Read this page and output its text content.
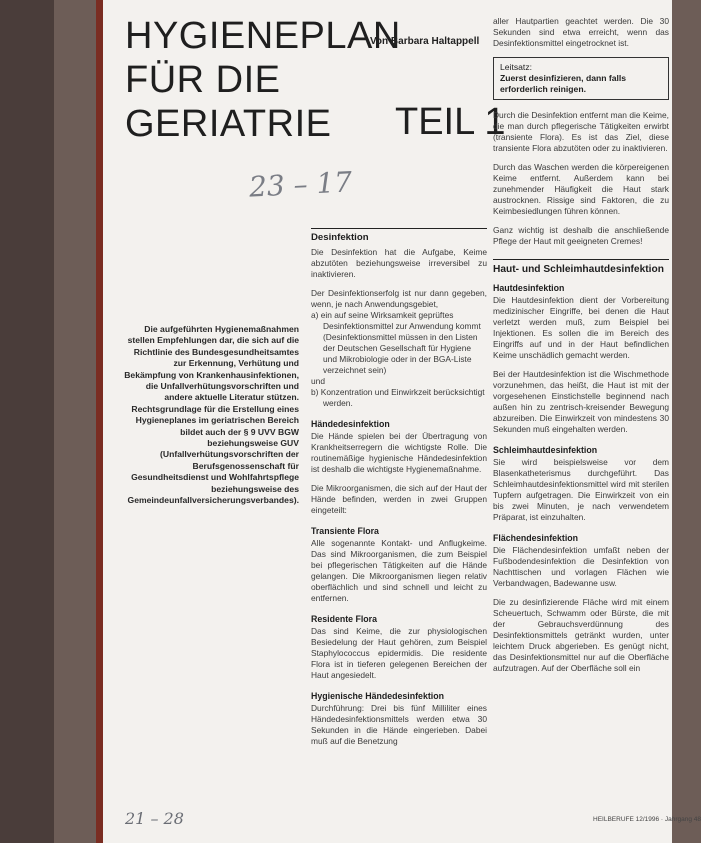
HYGIENEPLAN
FÜR DIE
GERIATRIE
Von Barbara Haltappell
TEIL 1
23 – 17
21 – 28

Die aufgeführten Hygienemaßnahmen stellen Empfehlungen dar, die sich auf die Richtlinie des Bundesgesundheitsamtes zur Erkennung, Verhütung und Bekämpfung von Krankenhausinfektionen, die Unfallverhütungsvorschriften und andere aktuelle Literatur stützen. Rechtsgrundlage für die Erstellung eines Hygieneplanes im geriatrischen Bereich bildet auch der § 9 UVV BGW beziehungsweise GUV (Unfallverhütungsvorschriften der Berufsgenossenschaft für Gesundheitsdienst und Wohlfahrtspflege beziehungsweise des Gemeindeunfallversicherungsverbandes).

Desinfektion

Die Desinfektion hat die Aufgabe, Keime abzutöten beziehungsweise irreversibel zu inaktivieren.

Der Desinfektionserfolg ist nur dann gegeben, wenn, je nach Anwendungsgebiet,

a) ein auf seine Wirksamkeit geprüftes Desinfektionsmittel zur Anwendung kommt (Desinfektionsmittel müssen in den Listen der Deutschen Gesellschaft für Hygiene und Mikrobiologie oder in der BGA-Liste verzeichnet sein)
und
b) Konzentration und Einwirkzeit berücksichtigt werden.
Händedesinfektion

Die Hände spielen bei der Übertragung von Krankheitserregern die wichtigste Rolle. Die routinemäßige hygienische Händedesinfektion ist deshalb die wichtigste Hygienemaßnahme.

Die Mikroorganismen, die sich auf der Haut der Hände befinden, werden in zwei Gruppen eingeteilt:

Transiente Flora

Alle sogenannte Kontakt- und Anflugkeime. Das sind Mikroorganismen, die zum Beispiel bei pflegerischen Tätigkeiten auf die Hände gelangen. Die Mikroorganismen liegen relativ oberflächlich und sind schnell und leicht zu entfernen.

Residente Flora

Das sind Keime, die zur physiologischen Besiedelung der Haut gehören, zum Beispiel Staphylococcus epidermidis. Die residente Flora ist in tieferen gelegenen Bereichen der Haut angesiedelt.

Hygienische Händedesinfektion

Durchführung: Drei bis fünf Milliliter eines Händedesinfektionsmittels werden etwa 30 Sekunden in die Hände eingerieben. Dabei muß auf die Benetzung

aller Hautpartien geachtet werden. Die 30 Sekunden sind etwa erreicht, wenn das Desinfektionsmittel eingetrocknet ist.

Leitsatz:
Zuerst desinfizieren, dann falls erforderlich reinigen.

Durch die Desinfektion entfernt man die Keime, die man durch pflegerische Tätigkeiten erwirbt (transiente Flora). Es ist das Ziel, diese transiente Flora abzutöten oder zu inaktivieren.

Durch das Waschen werden die körpereigenen Keime entfernt. Außerdem kann bei zunehmender Häufigkeit die Haut stark austrocknen. Rissige sind Faktoren, die zu Keimbesiedlungen führen können.

Ganz wichtig ist deshalb die anschließende Pflege der Haut mit geeigneten Cremes!

Haut- und Schleimhautdesinfektion
Hautdesinfektion

Die Hautdesinfektion dient der Vorbereitung medizinischer Eingriffe, bei denen die Haut verletzt werden muß, zum Beispiel bei Injektionen. Es sollen die im Bereich des Eingriffs auf und in der Haut befindlichen Keime unschädlich gemacht werden.

Bei der Hautdesinfektion ist die Wischmethode vorzunehmen, das heißt, die Haut ist mit der vorgesehenen Einstichstelle beginnend nach außen hin zu zentrisch-kreisender Bewegung abzureiben. Die Einwirkzeit von mindestens 30 Sekunden muß eingehalten werden.

Schleimhautdesinfektion

Sie wird beispielsweise vor dem Blasenkatheterismus durchgeführt. Das Schleimhautdesinfektionsmittel wird mit sterilen Tupfern aufgetragen. Die Einwirkzeit von ein bis zwei Minuten, je nach verwendetem Präparat, ist einzuhalten.

Flächendesinfektion

Die Flächendesinfektion umfaßt neben der Fußbodendesinfektion die Desinfektion von Nachttischen und vorlagen Flächen wie Verbandwagen, Badewanne usw.

Die zu desinfizierende Fläche wird mit einem Scheuertuch, Schwamm oder Bürste, die mit der Gebrauchsverdünnung des Desinfektionsmittels getränkt wurden, unter leichtem Druck abgerieben. Es genügt nicht, das Desinfektionsmittel nur auf die Oberfläche aufzutragen. Auf der Oberfläche soll ein

HEILBERUFE 12/1996 · Jahrgang 48
